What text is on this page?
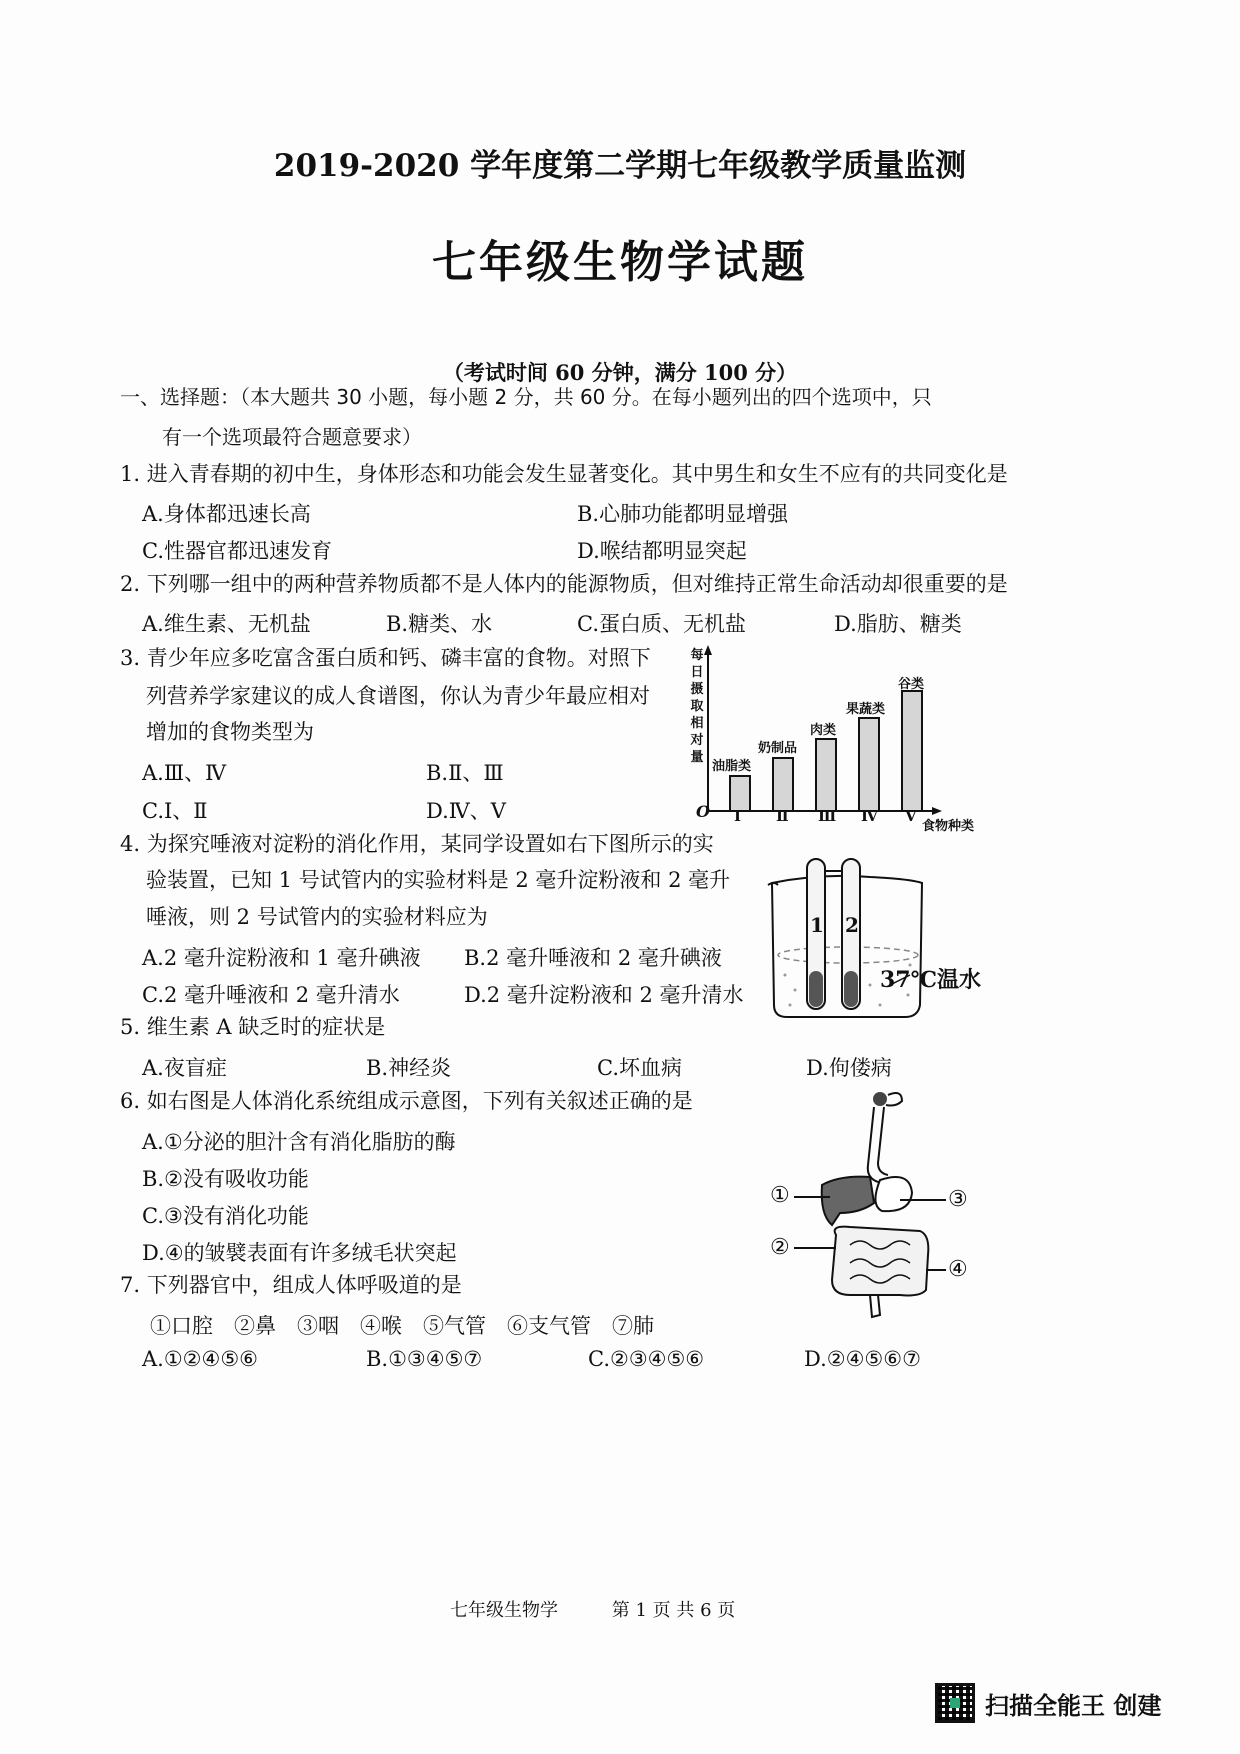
2019-2020 学年度第二学期七年级教学质量监测
七年级生物学试题
（考试时间 60 分钟，满分 100 分）
一、选择题：（本大题共 30 小题，每小题 2 分，共 60 分。在每小题列出的四个选项中，只
有一个选项最符合题意要求）
1. 进入青春期的初中生，身体形态和功能会发生显著变化。其中男生和女生不应有的共同变化是
A.身体都迅速长高	B.心肺功能都明显增强
C.性器官都迅速发育	D.喉结都明显突起
2. 下列哪一组中的两种营养物质都不是人体内的能源物质，但对维持正常生命活动却很重要的是
A.维生素、无机盐	B.糖类、水	C.蛋白质、无机盐	D.脂肪、糖类
3. 青少年应多吃富含蛋白质和钙、磷丰富的食物。对照下
列营养学家建议的成人食谱图，你认为青少年最应相对
增加的食物类型为
A.Ⅲ、Ⅳ	B.Ⅱ、Ⅲ
C.Ⅰ、Ⅱ	D.Ⅳ、Ⅴ
每日摄取相对量
O Ⅰ Ⅱ Ⅲ Ⅳ Ⅴ
油脂类
奶制品
肉类
果蔬类
谷类
食物种类
4. 为探究唾液对淀粉的消化作用，某同学设置如右下图所示的实
验装置，已知 1 号试管内的实验材料是 2 毫升淀粉液和 2 毫升
唾液，则 2 号试管内的实验材料应为
A.2 毫升淀粉液和 1 毫升碘液 B.2 毫升唾液和 2 毫升碘液
C.2 毫升唾液和 2 毫升清水	D.2 毫升淀粉液和 2 毫升清水
1 2
37℃温水
5. 维生素 A 缺乏时的症状是
A.夜盲症	B.神经炎	C.坏血病	D.佝偻病
6. 如右图是人体消化系统组成示意图，下列有关叙述正确的是
A.①分泌的胆汁含有消化脂肪的酶
B.②没有吸收功能
C.③没有消化功能
D.④的皱襞表面有许多绒毛状突起
①
②
③
④
7. 下列器官中，组成人体呼吸道的是
①口腔　②鼻　③咽　④喉　⑤气管　⑥支气管　⑦肺
A.①②④⑤⑥	B.①③④⑤⑦	C.②③④⑤⑥	D.②④⑤⑥⑦
七年级生物学	第 1 页 共 6 页
扫描全能王 创建
